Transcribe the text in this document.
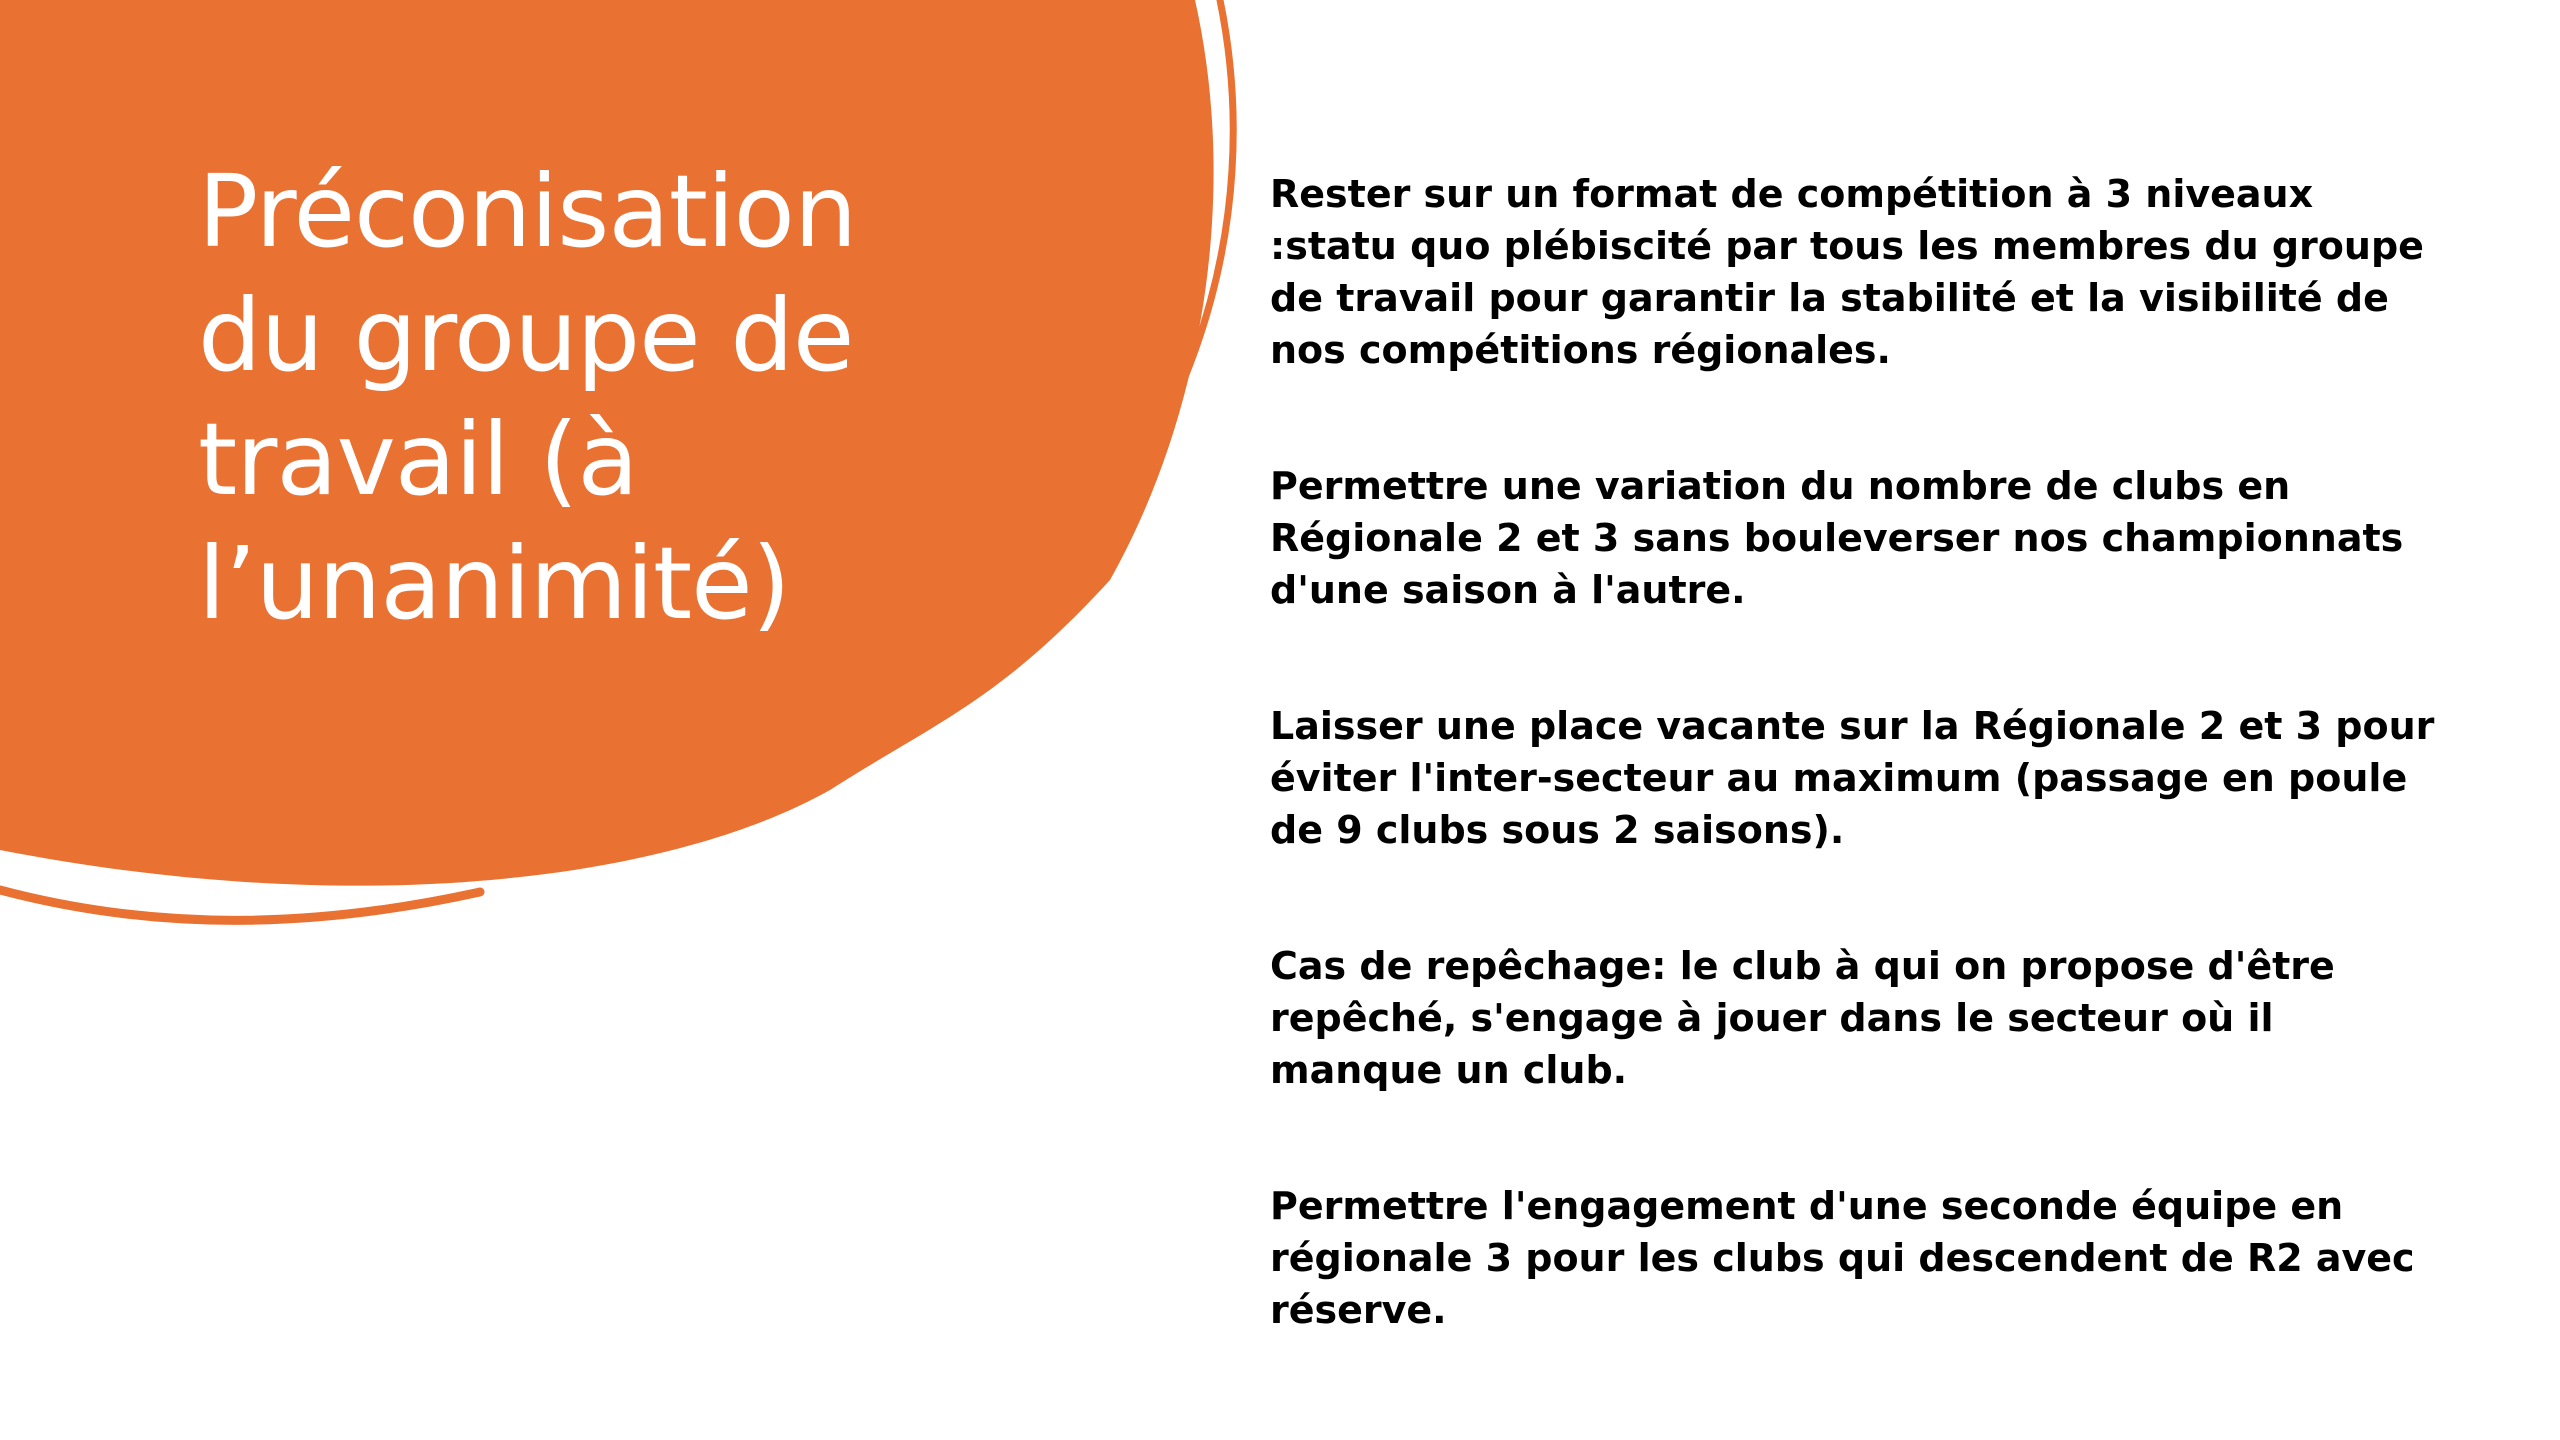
Préconisation du groupe de travail (à l’unanimité)

Rester sur un format de compétition à 3 niveaux :statu quo plébiscité par tous les membres du groupe de travail pour garantir la stabilité et la visibilité de nos compétitions régionales.

Permettre une variation du nombre de clubs en Régionale 2 et 3 sans bouleverser nos championnats d'une saison à l'autre.

Laisser une place vacante sur la Régionale 2 et 3 pour éviter l'inter-secteur au maximum (passage en poule de 9 clubs sous 2 saisons).

Cas de repêchage: le club à qui on propose d'être repêché, s'engage à jouer dans le secteur où il manque un club.

Permettre l'engagement d'une seconde équipe en régionale 3 pour les clubs qui descendent de R2 avec réserve.
